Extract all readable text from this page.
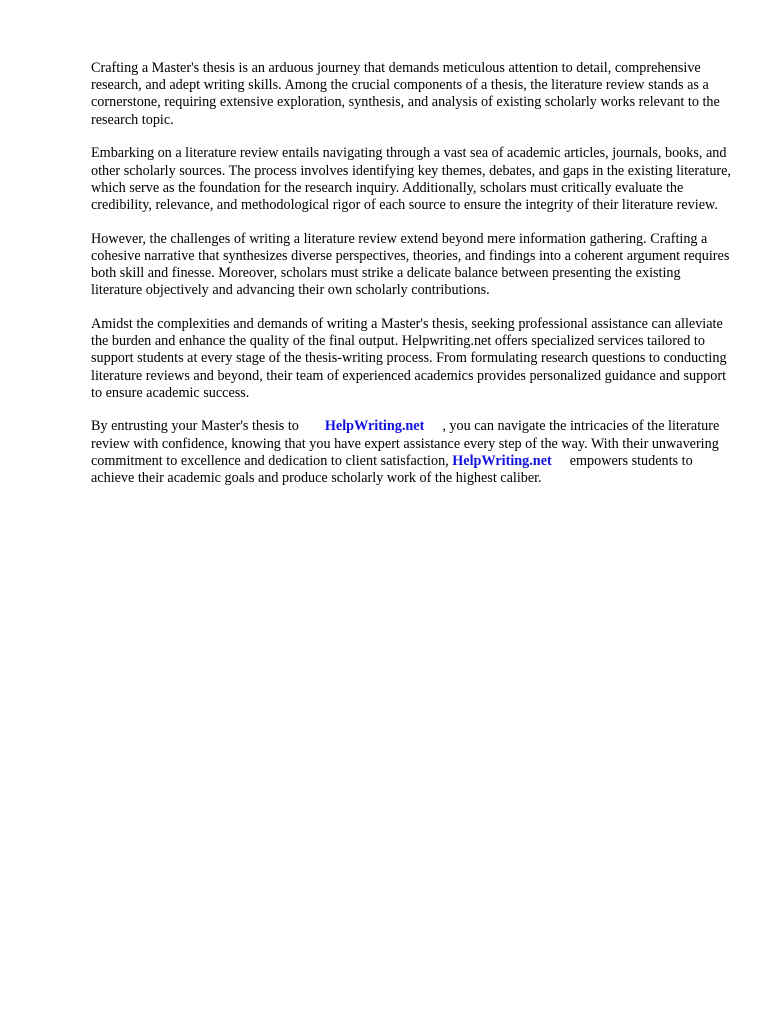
Crafting a Master's thesis is an arduous journey that demands meticulous attention to detail, comprehensive research, and adept writing skills. Among the crucial components of a thesis, the literature review stands as a cornerstone, requiring extensive exploration, synthesis, and analysis of existing scholarly works relevant to the research topic.

Embarking on a literature review entails navigating through a vast sea of academic articles, journals, books, and other scholarly sources. The process involves identifying key themes, debates, and gaps in the existing literature, which serve as the foundation for the research inquiry. Additionally, scholars must critically evaluate the credibility, relevance, and methodological rigor of each source to ensure the integrity of their literature review.

However, the challenges of writing a literature review extend beyond mere information gathering. Crafting a cohesive narrative that synthesizes diverse perspectives, theories, and findings into a coherent argument requires both skill and finesse. Moreover, scholars must strike a delicate balance between presenting the existing literature objectively and advancing their own scholarly contributions.

Amidst the complexities and demands of writing a Master's thesis, seeking professional assistance can alleviate the burden and enhance the quality of the final output. Helpwriting.net offers specialized services tailored to support students at every stage of the thesis-writing process. From formulating research questions to conducting literature reviews and beyond, their team of experienced academics provides personalized guidance and support to ensure academic success.

By entrusting your Master's thesis to HelpWriting.net , you can navigate the intricacies of the literature review with confidence, knowing that you have expert assistance every step of the way. With their unwavering commitment to excellence and dedication to client satisfaction, HelpWriting.net empowers students to achieve their academic goals and produce scholarly work of the highest caliber.
